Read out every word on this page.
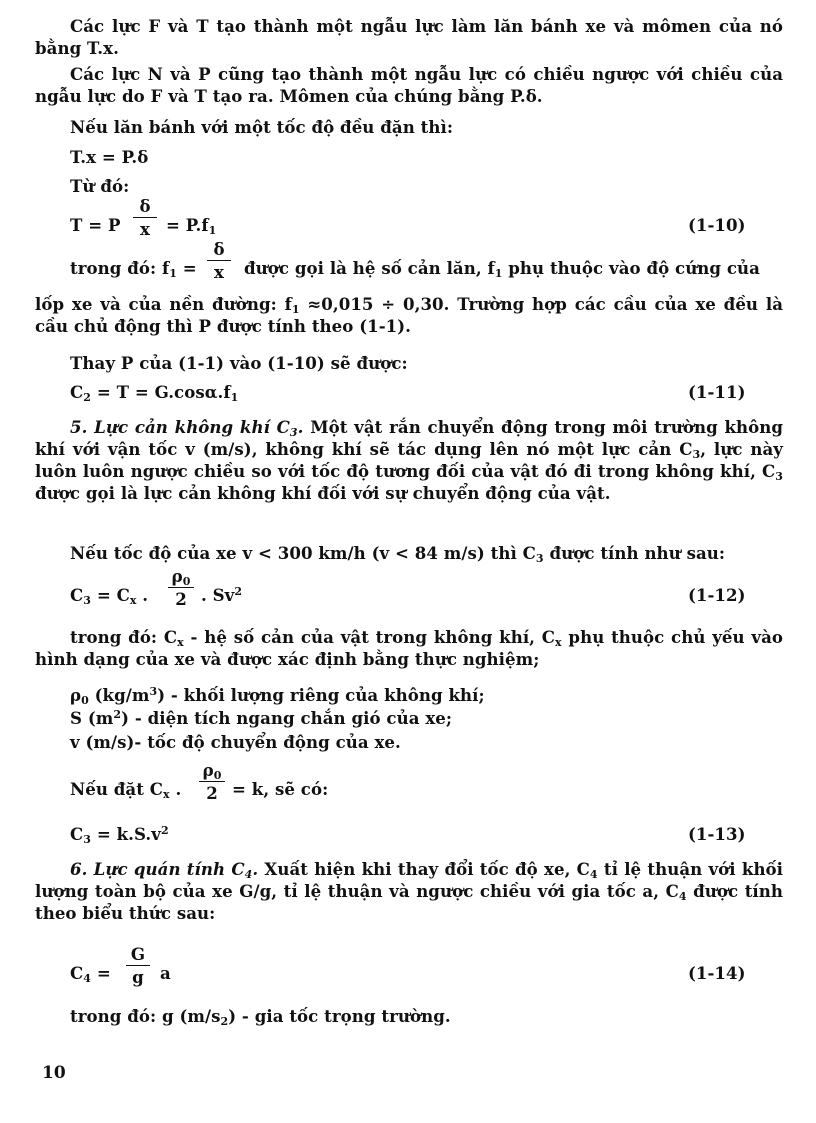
Các lực F và T tạo thành một ngẫu lực làm lăn bánh xe và mômen của nó bằng T.x.
Các lực N và P cũng tạo thành một ngẫu lực có chiều ngược với chiều của ngẫu lực do F và T tạo ra. Mômen của chúng bằng P.δ.
Nếu lăn bánh với một tốc độ đều đặn thì:
T.x = P.δ
Từ đó:
T = P
δ
$x = P.f_1$	(1-10)
trong đó: $f_1$ =
δ
x	được gọi là hệ số cản lăn, $f_1$ phụ thuộc vào độ cứng của
lốp xe và của nền đường: $f_1 \approx 0,015 \div 0,30$. Trường hợp các cầu của xe đều là cầu chủ động thì P được tính theo (1-1).
Thay P của (1-1) vào (1-10) sẽ được:
$C_2 = T = G.\cos\alpha.f_1$	(1-11)
5. Lực cản không khí $C_3$. Một vật rắn chuyển động trong môi trường không khí với vận tốc v (m/s), không khí sẽ tác dụng lên nó một lực cản $C_3$, lực này luôn luôn ngược chiều so với tốc độ tương đối của vật đó đi trong không khí, $C_3$ được gọi là lực cản không khí đối với sự chuyển động của vật.
Nếu tốc độ của xe v < 300 km/h (v < 84 m/s) thì $C_3$ được tính như sau:
$C_3 = C_x$ .
$\rho_0$
2 . Sv$^2$	(1-12)
trong đó: $C_x$ - hệ số cản của vật trong không khí, $C_x$ phụ thuộc chủ yếu vào hình dạng của xe và được xác định bằng thực nghiệm;
$\rho_0$ $(kg/m^3)$ - khối lượng riêng của không khí;
S $(m^2)$ - diện tích ngang chắn gió của xe;
v (m/s)- tốc độ chuyển động của xe.
Nếu đặt $C_x$ .
$\rho_0$
2 = k, sẽ có:
$C_3 = k.S.v^2$	(1-13)
6. Lực quán tính $C_4$. Xuất hiện khi thay đổi tốc độ xe, $C_4$ tỉ lệ thuận với khối lượng toàn bộ của xe G/g, tỉ lệ thuận và ngược chiều với gia tốc a, $C_4$ được tính theo biểu thức sau:
$C_4$ =
G
g a	(1-14)
trong đó: g $(m/s_2)$ - gia tốc trọng trường.
10
